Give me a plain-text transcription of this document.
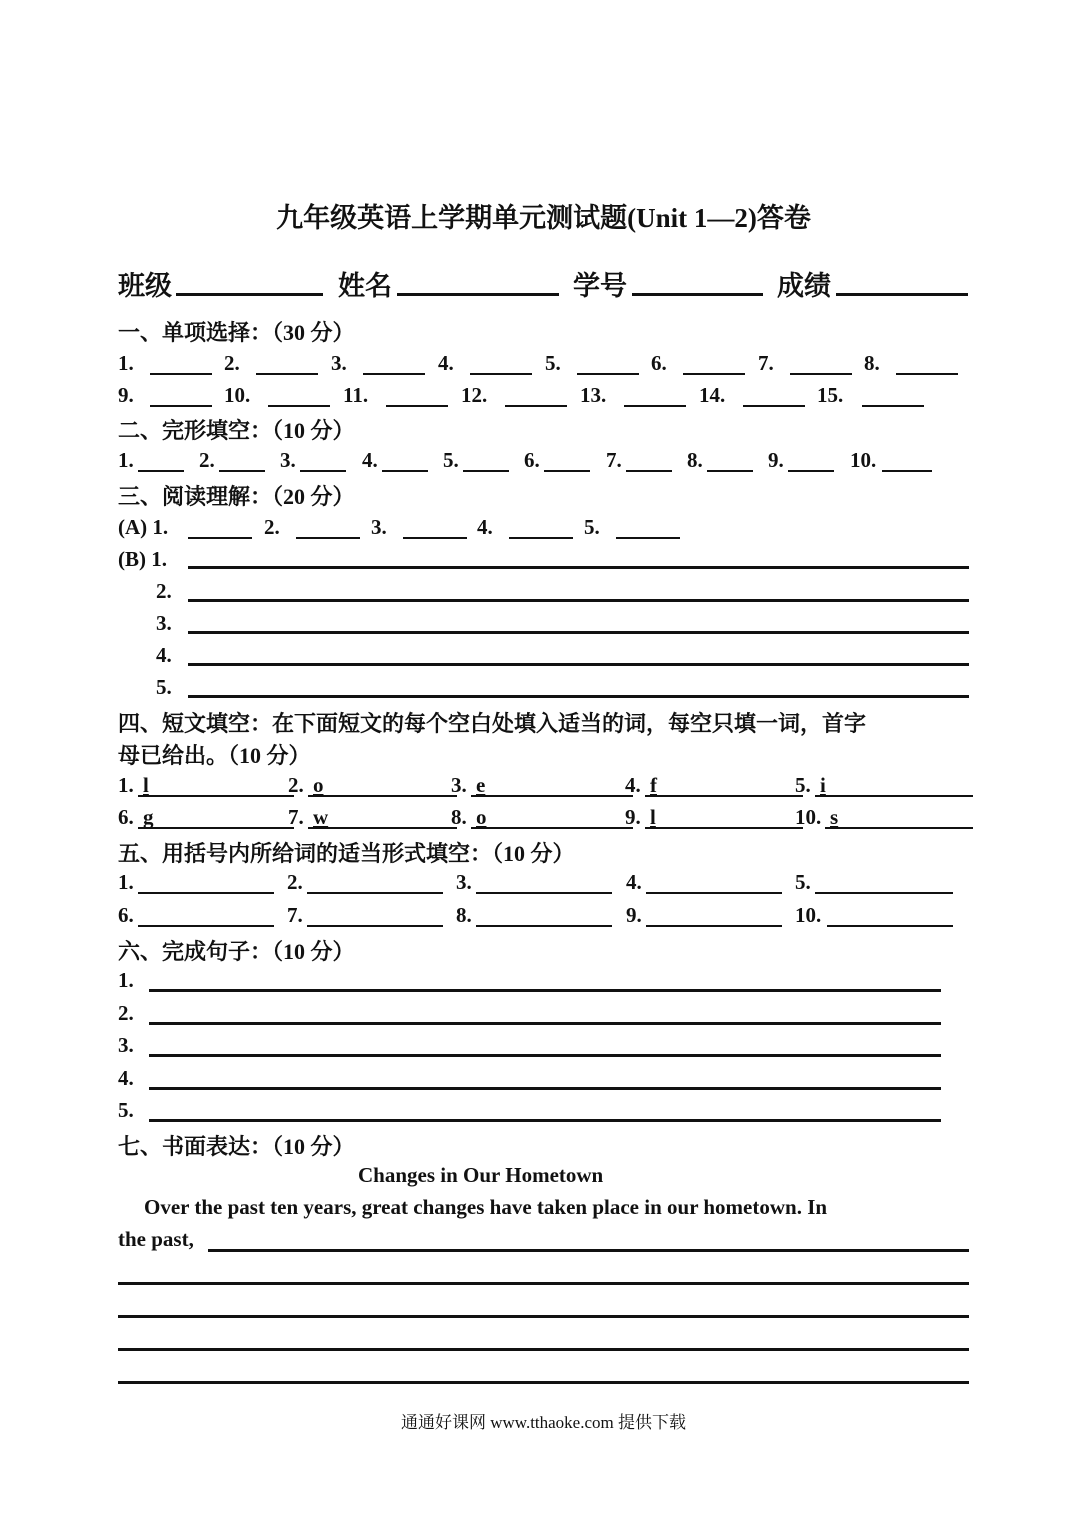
九年级英语上学期单元测试题(Unit 1—2)答卷
班级	姓名	学号	成绩
一、单项选择：（30 分）
1.	2.	3.	4.	5.	6.	7.	8.
9.	10.	11.	12.	13.	14.	15.
二、完形填空：（10 分）
1.	2.	3.	4.	5.	6.	7.	8.	9.	10.
三、阅读理解：（20 分）
(A) 1.	2.	3.	4.	5.
(B) 1.
2.
3.
4.
5.
四、短文填空：在下面短文的每个空白处填入适当的词，每空只填一词，首字
母已给出。（10 分）
1. l	2. o	3. e	4. f	5. i
6. g	7. w	8. o	9. l	10. s
五、用括号内所给词的适当形式填空：（10 分）
1.	2.	3.	4.	5.
6.	7.	8.	9.	10.
六、完成句子：（10 分）
1.
2.
3.
4.
5.
七、书面表达：（10 分）
Changes in Our Hometown
Over the past ten years, great changes have taken place in our hometown. In
the past,
通通好课网 www.tthaoke.com 提供下载
